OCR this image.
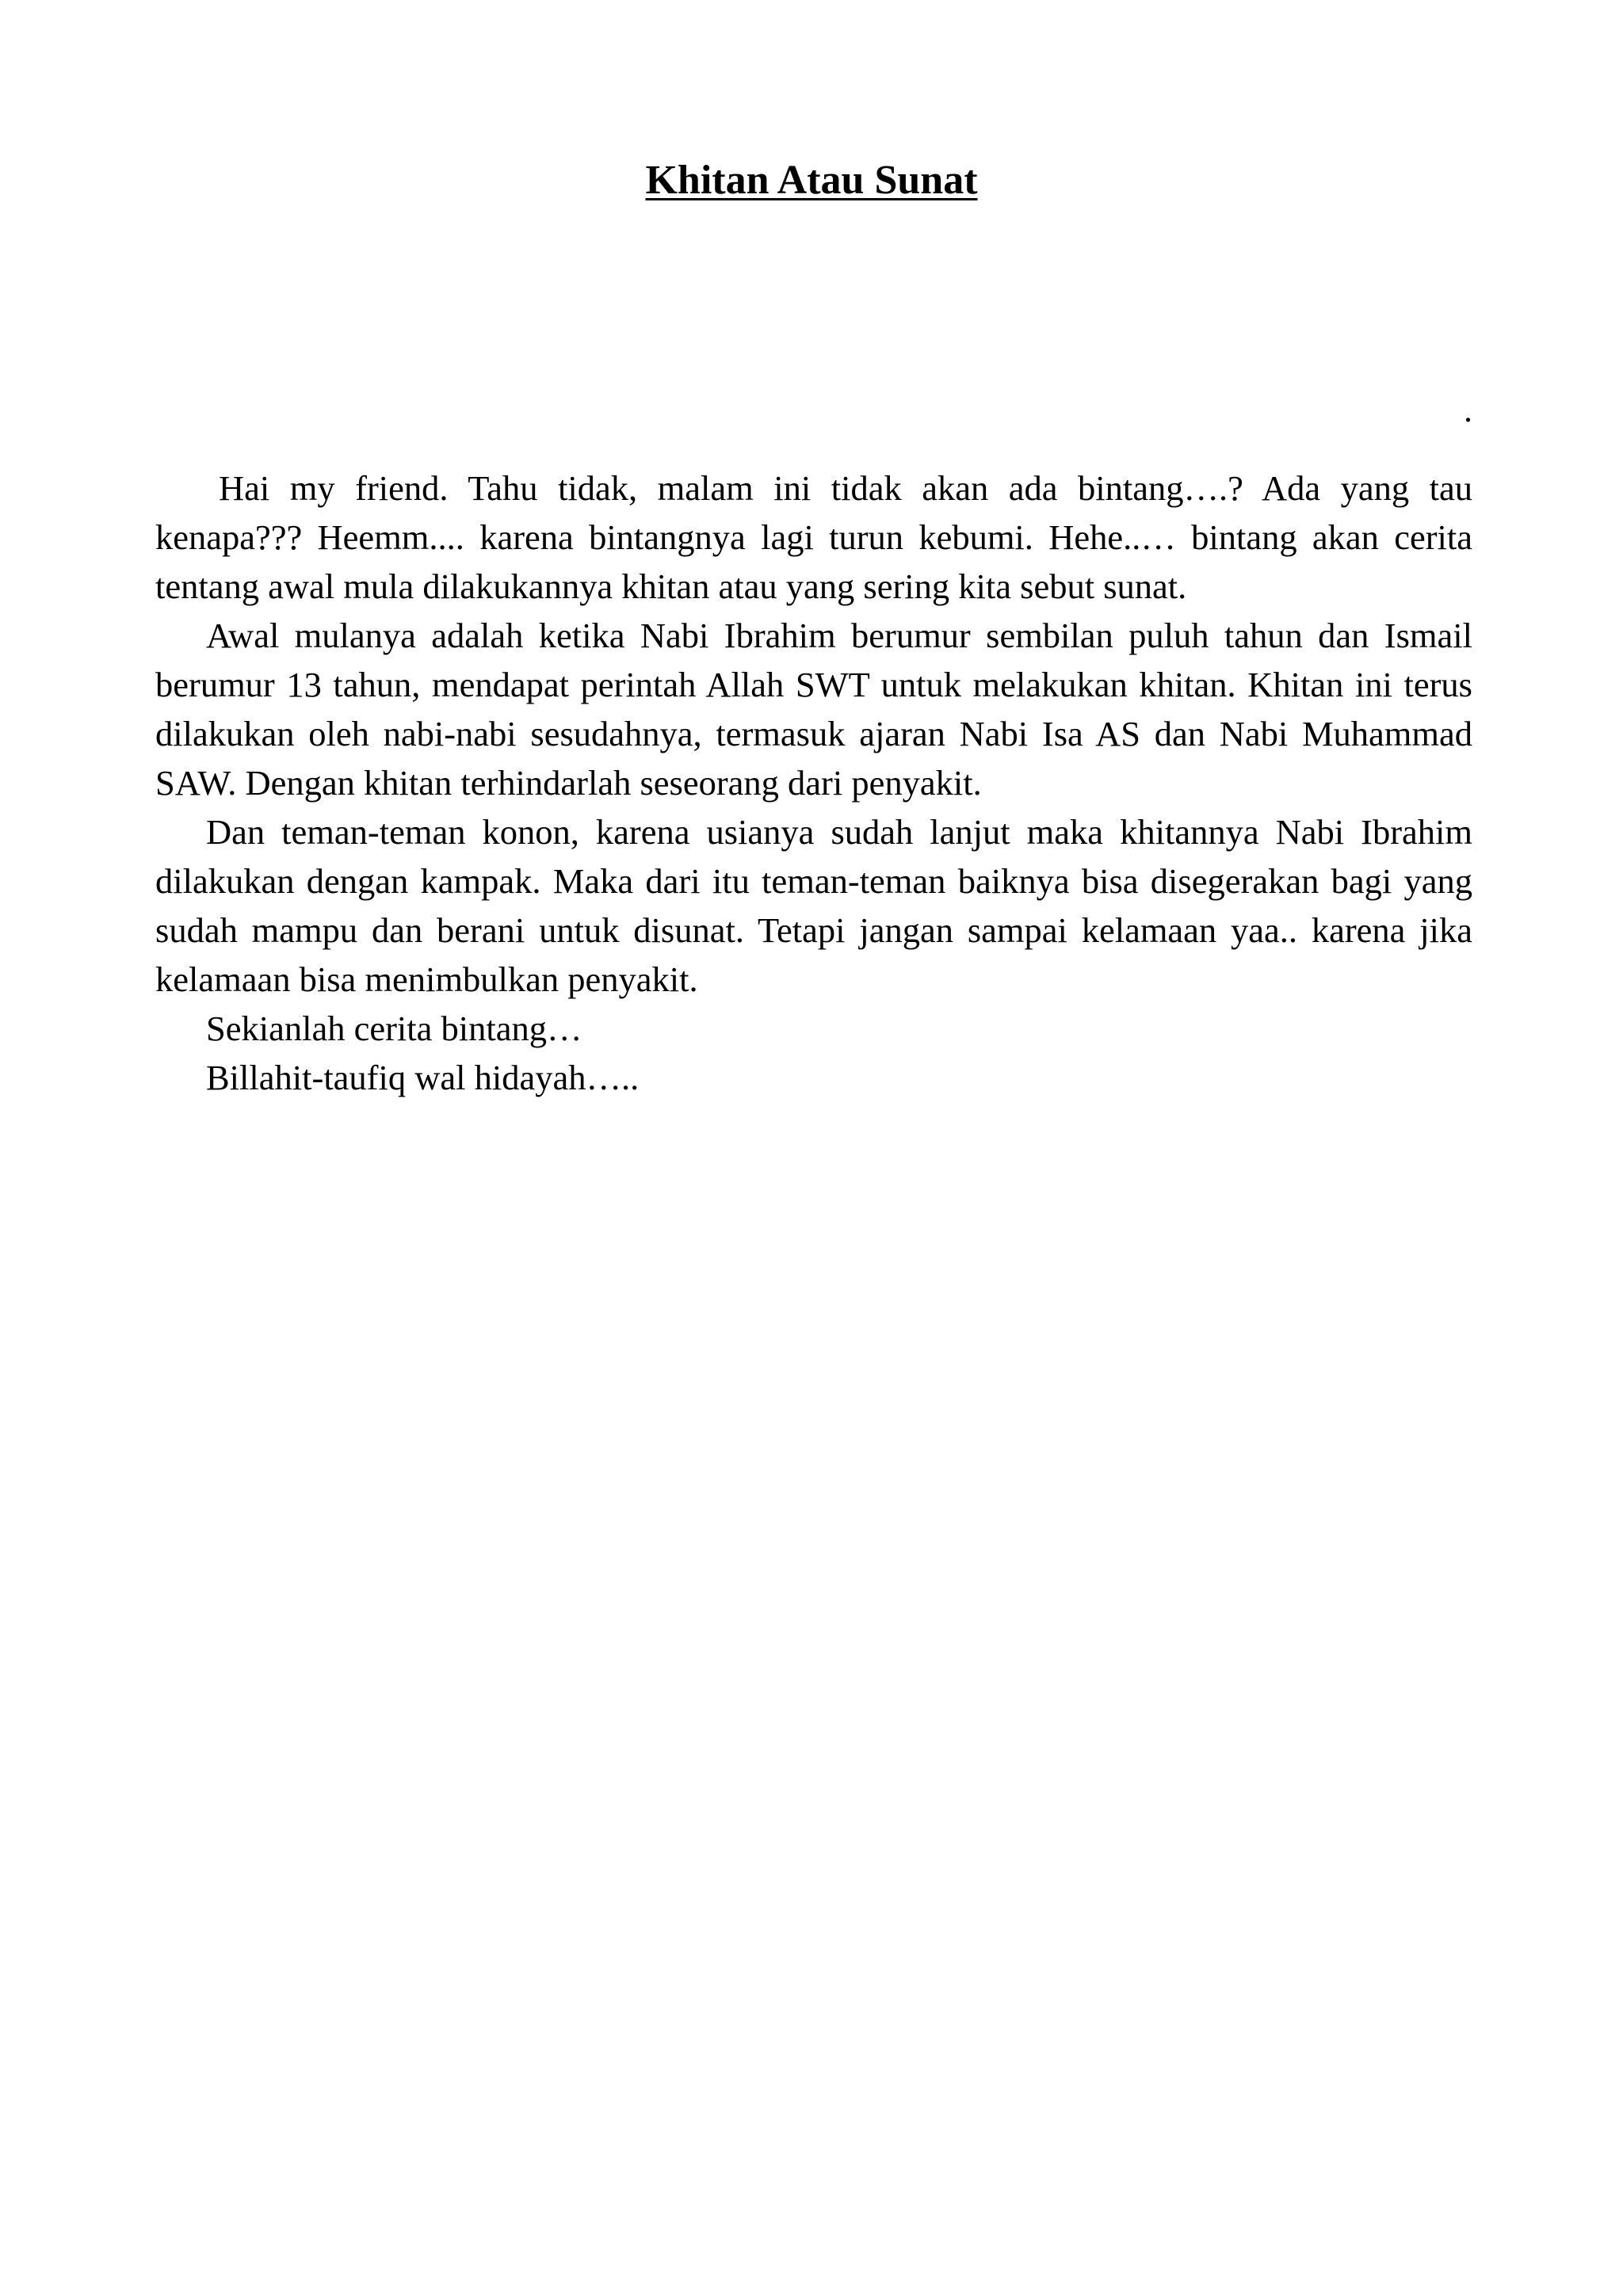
Khitan Atau Sunat
.

Hai my friend. Tahu tidak, malam ini tidak akan ada bintang….? Ada yang tau kenapa??? Heemm.... karena bintangnya lagi turun kebumi. Hehe..… bintang akan cerita tentang awal mula dilakukannya khitan atau yang sering kita sebut sunat.

Awal mulanya adalah ketika Nabi Ibrahim berumur sembilan puluh tahun dan Ismail berumur 13 tahun, mendapat perintah Allah SWT untuk melakukan khitan. Khitan ini terus dilakukan oleh nabi-nabi sesudahnya, termasuk ajaran Nabi Isa AS dan Nabi Muhammad SAW. Dengan khitan terhindarlah seseorang dari penyakit.

Dan teman-teman konon, karena usianya sudah lanjut maka khitannya Nabi Ibrahim dilakukan dengan kampak. Maka dari itu teman-teman baiknya bisa disegerakan bagi yang sudah mampu dan berani untuk disunat. Tetapi jangan sampai kelamaan yaa.. karena jika kelamaan bisa menimbulkan penyakit.

Sekianlah cerita bintang…

Billahit-taufiq wal hidayah…..
